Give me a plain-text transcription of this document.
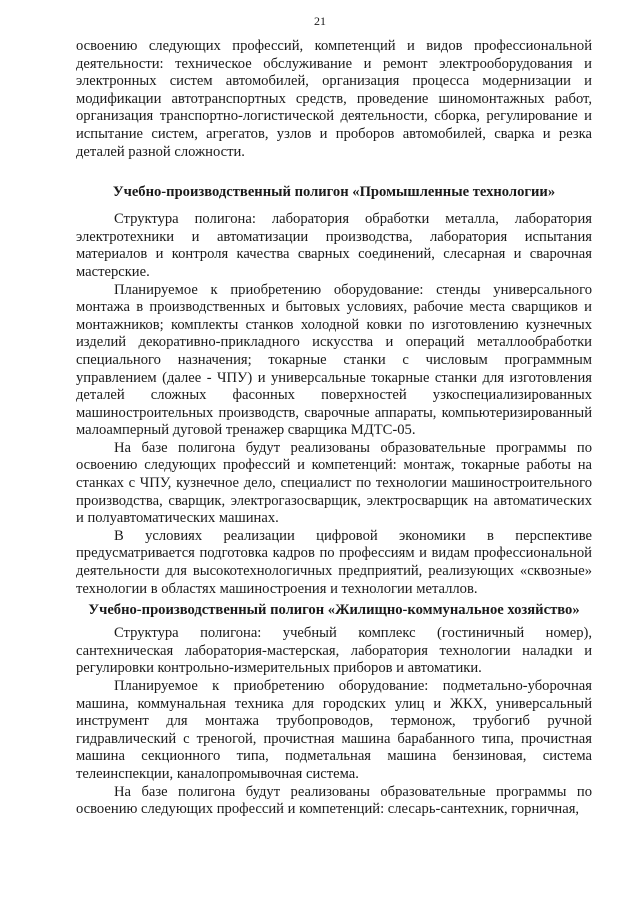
21

освоению следующих профессий, компетенций и видов профессиональной деятельности: техническое обслуживание и ремонт электрооборудования и электронных систем автомобилей, организация процесса модернизации и модификации автотранспортных средств, проведение шиномонтажных работ, организация транспортно-логистической деятельности, сборка, регулирование и испытание систем, агрегатов, узлов и проборов автомобилей, сварка и резка деталей разной сложности.

Учебно-производственный полигон «Промышленные технологии»

Структура полигона: лаборатория обработки металла, лаборатория электротехники и автоматизации производства, лаборатория испытания материалов и контроля качества сварных соединений, слесарная и сварочная мастерские.

Планируемое к приобретению оборудование: стенды универсального монтажа в производственных и бытовых условиях, рабочие места сварщиков и монтажников; комплекты станков холодной ковки по изготовлению кузнечных изделий декоративно-прикладного искусства и операций металлообработки специального назначения; токарные станки с числовым программным управлением (далее - ЧПУ) и универсальные токарные станки для изготовления деталей сложных фасонных поверхностей узкоспециализированных машиностроительных производств, сварочные аппараты, компьютеризированный малоамперный дуговой тренажер сварщика МДТС-05.

На базе полигона будут реализованы образовательные программы по освоению следующих профессий и компетенций: монтаж, токарные работы на станках с ЧПУ, кузнечное дело, специалист по технологии машиностроительного производства, сварщик, электрогазосварщик, электросварщик на автоматических и полуавтоматических машинах.

В условиях реализации цифровой экономики в перспективе предусматривается подготовка кадров по профессиям и видам профессиональной деятельности для высокотехнологичных предприятий, реализующих «сквозные» технологии в областях машиностроения и технологии металлов.

Учебно-производственный полигон «Жилищно-коммунальное хозяйство»

Структура полигона: учебный комплекс (гостиничный номер), сантехническая лаборатория-мастерская, лаборатория технологии наладки и регулировки контрольно-измерительных приборов и автоматики.

Планируемое к приобретению оборудование: подметально-уборочная машина, коммунальная техника для городских улиц и ЖКХ, универсальный инструмент для монтажа трубопроводов, термонож, трубогиб ручной гидравлический с треногой, прочистная машина барабанного типа, прочистная машина секционного типа, подметальная машина бензиновая, система телеинспекции, каналопромывочная система.

На базе полигона будут реализованы образовательные программы по освоению следующих профессий и компетенций: слесарь-сантехник, горничная,
